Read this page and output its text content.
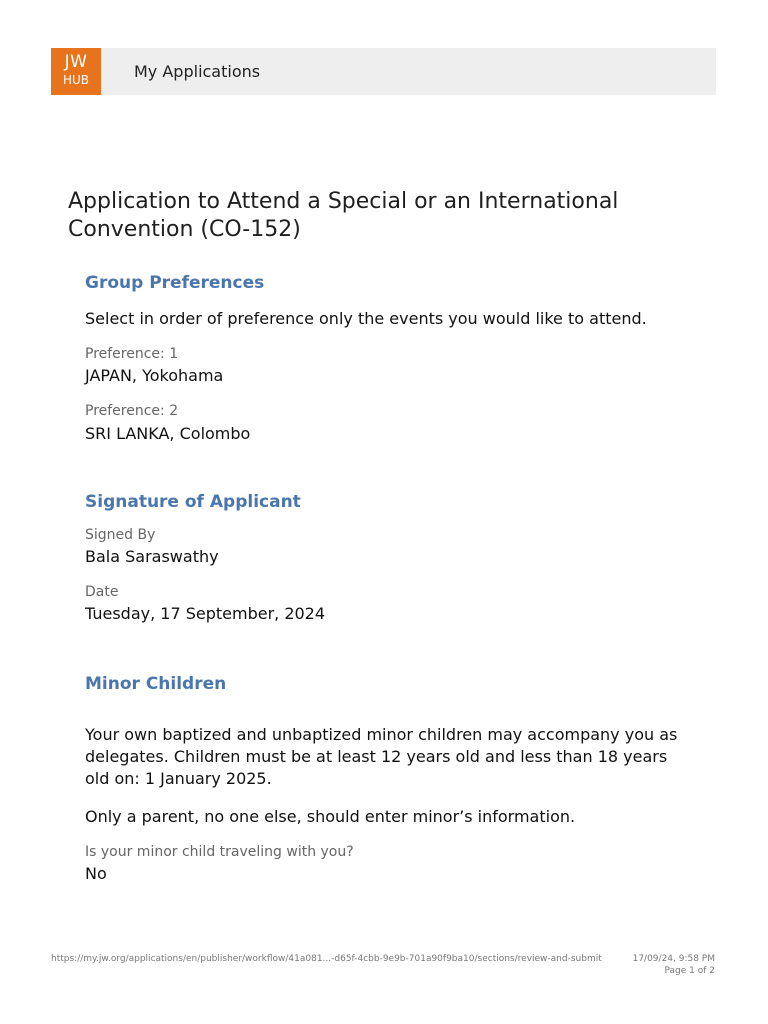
JW
HUB	My Applications
Application to Attend a Special or an International Convention (CO-152)
Group Preferences
Select in order of preference only the events you would like to attend.
Preference: 1
JAPAN, Yokohama
Preference: 2
SRI LANKA, Colombo
Signature of Applicant
Signed By
Bala Saraswathy
Date
Tuesday, 17 September, 2024
Minor Children
Your own baptized and unbaptized minor children may accompany you as delegates. Children must be at least 12 years old and less than 18 years old on: 1 January 2025.
Only a parent, no one else, should enter minor’s information.
Is your minor child traveling with you?
No
https://my.jw.org/applications/en/publisher/workflow/41a081...-d65f-4cbb-9e9b-701a90f9ba10/sections/review-and-submit	17/09/24, 9:58 PM
Page 1 of 2
